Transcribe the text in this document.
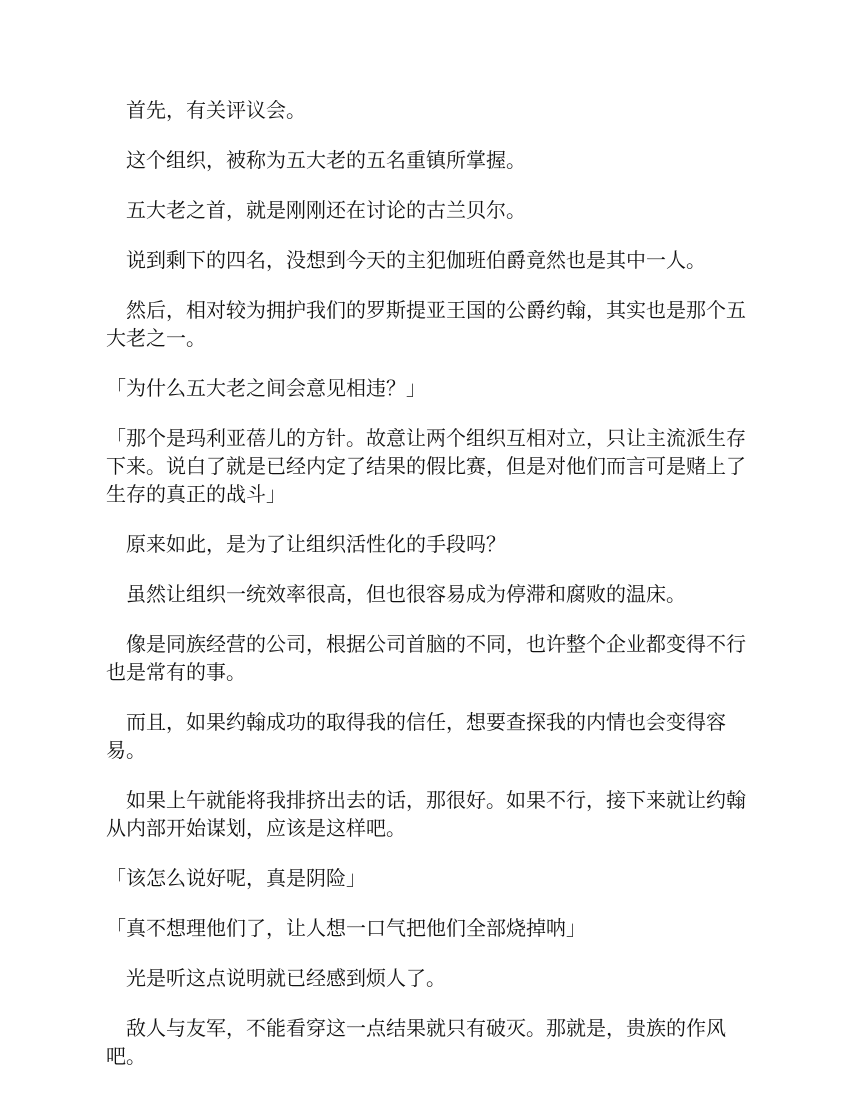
首先，有关评议会。

这个组织，被称为五大老的五名重镇所掌握。

五大老之首，就是刚刚还在讨论的古兰贝尔。

说到剩下的四名，没想到今天的主犯伽班伯爵竟然也是其中一人。

然后，相对较为拥护我们的罗斯提亚王国的公爵约翰，其实也是那个五大老之一。

「为什么五大老之间会意见相违？」

「那个是玛利亚蓓儿的方针。故意让两个组织互相对立，只让主流派生存下来。说白了就是已经内定了结果的假比赛，但是对他们而言可是赌上了生存的真正的战斗」

原来如此，是为了让组织活性化的手段吗？

虽然让组织一统效率很高，但也很容易成为停滞和腐败的温床。

像是同族经营的公司，根据公司首脑的不同，也许整个企业都变得不行也是常有的事。

而且，如果约翰成功的取得我的信任，想要查探我的内情也会变得容易。

如果上午就能将我排挤出去的话，那很好。如果不行，接下来就让约翰从内部开始谋划，应该是这样吧。

「该怎么说好呢，真是阴险」

「真不想理他们了，让人想一口气把他们全部烧掉呐」

光是听这点说明就已经感到烦人了。

敌人与友军，不能看穿这一点结果就只有破灭。那就是，贵族的作风吧。
